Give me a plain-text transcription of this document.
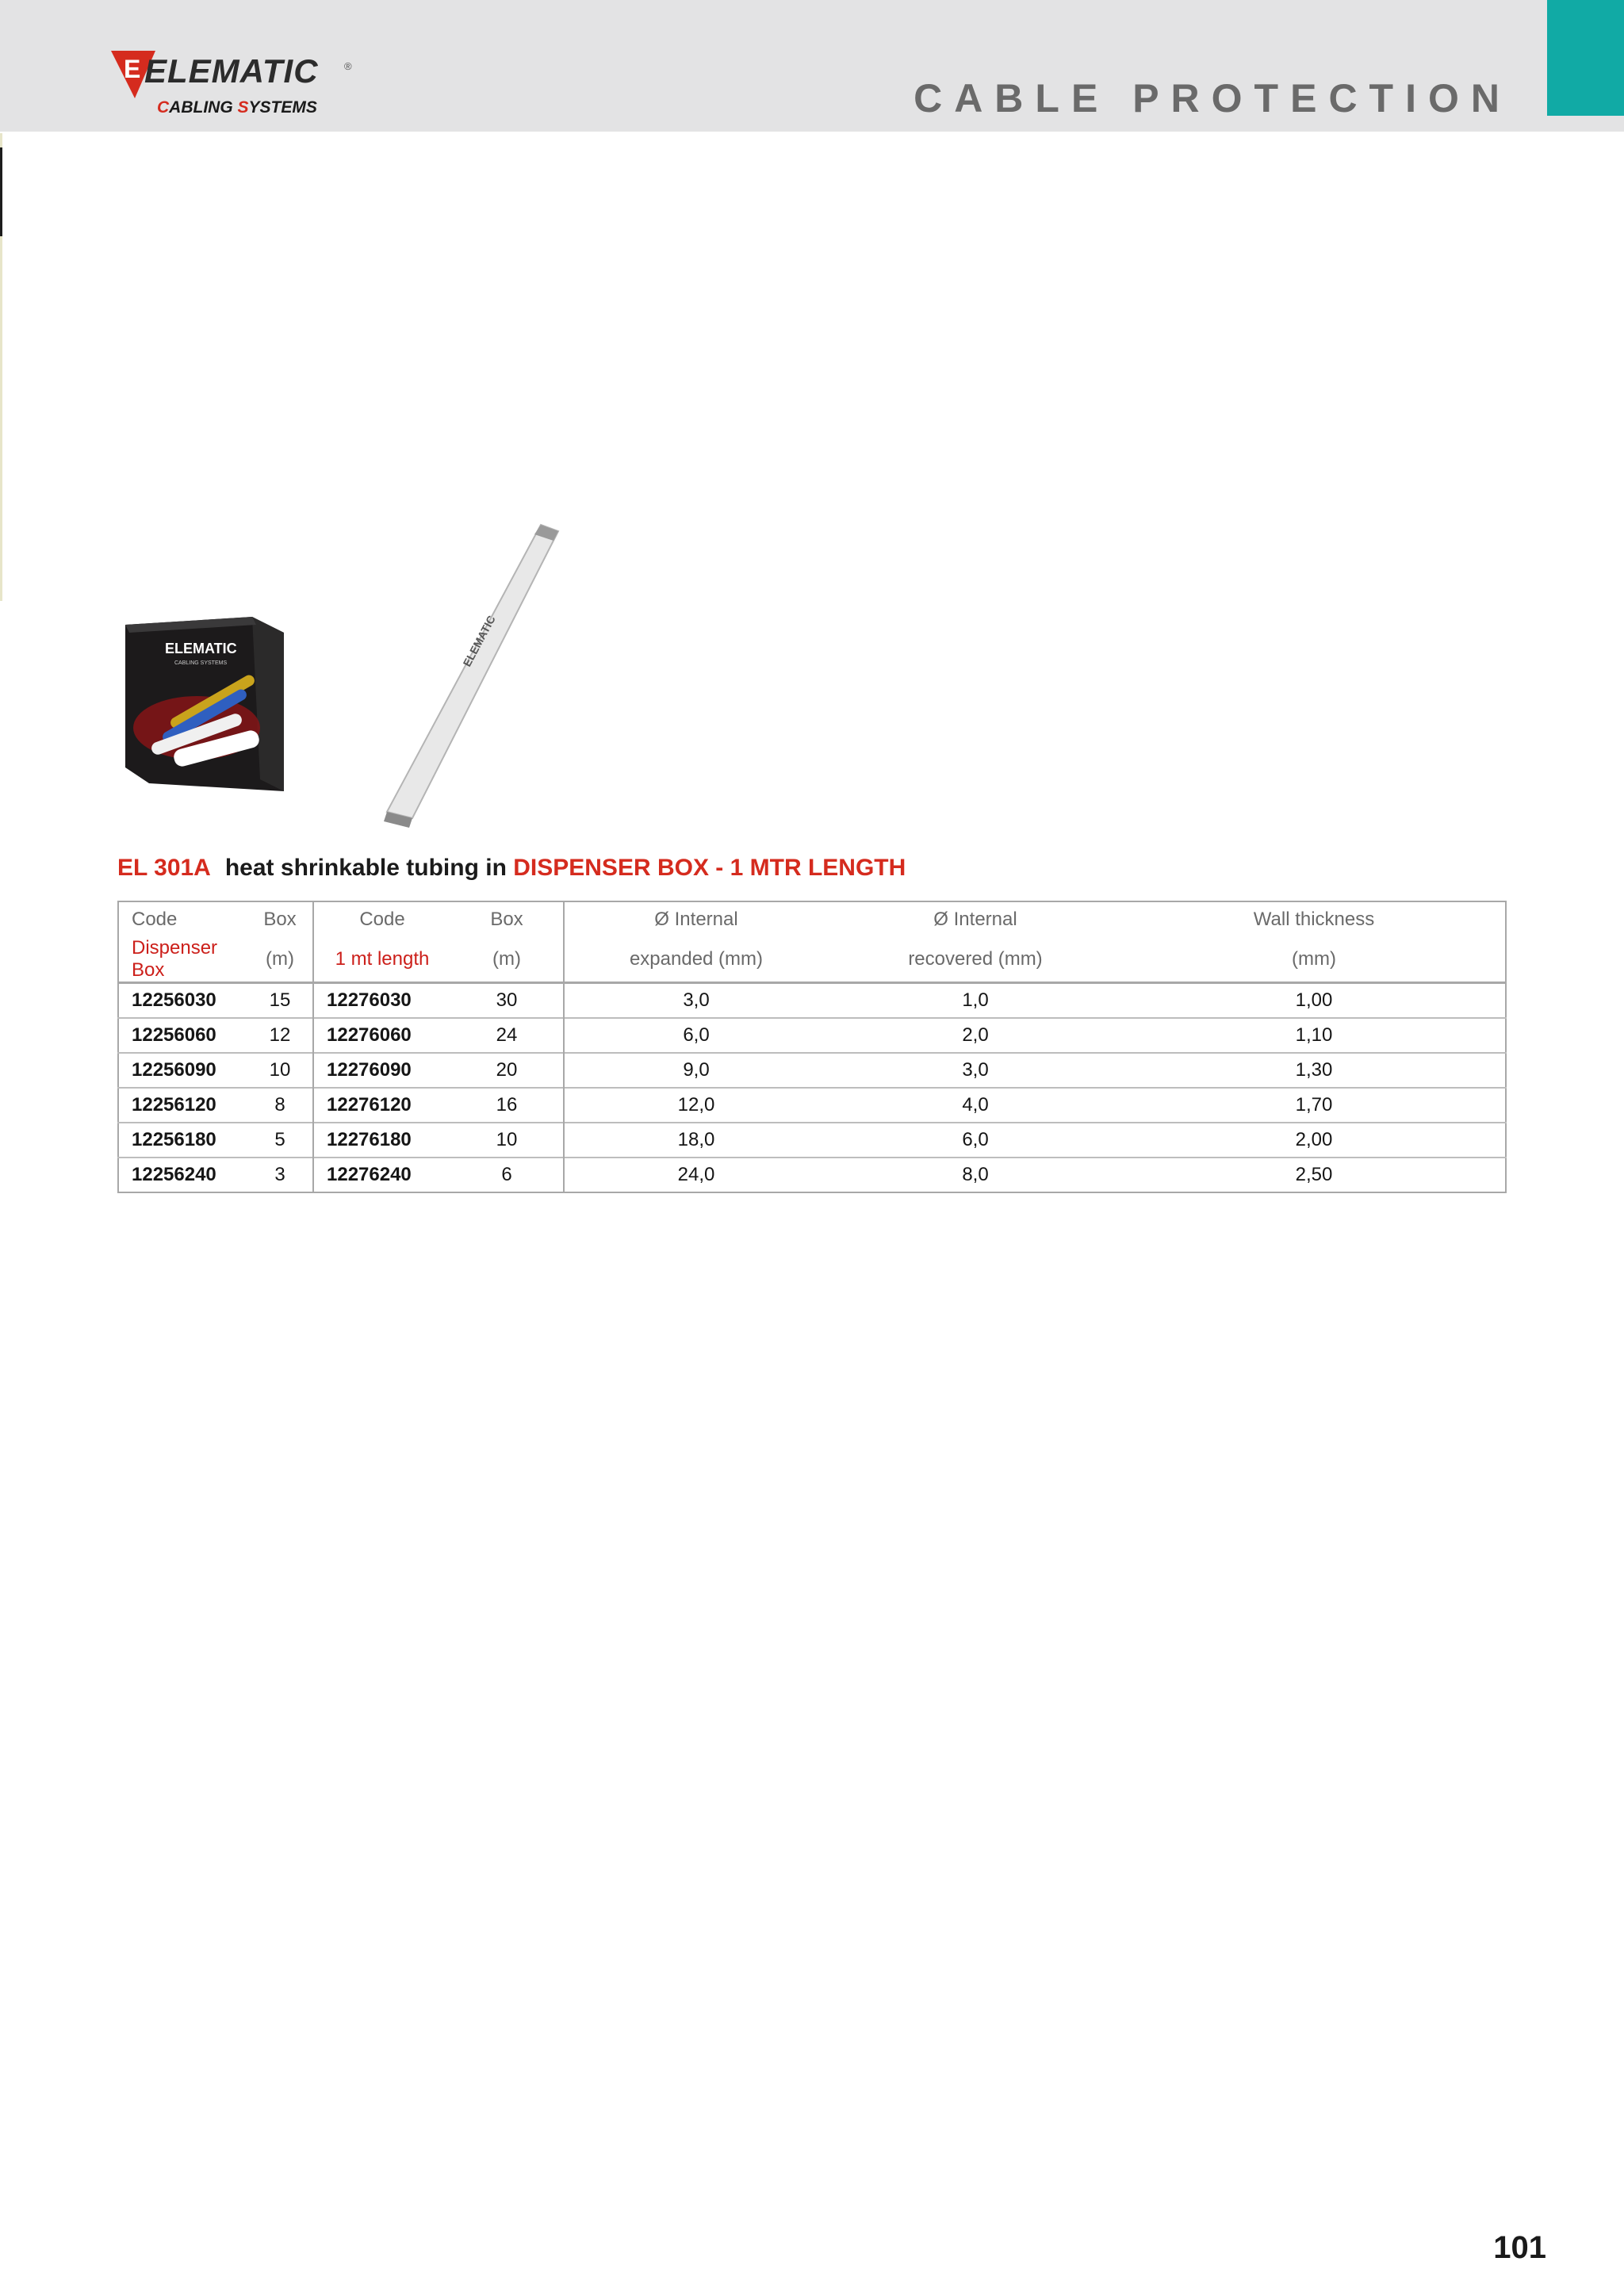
E ELEMATIC ®
CABLING SYSTEMS	CABLE PROTECTION
ELEMATIC
CABLING SYSTEMS	ELEMATIC
EL 301A heat shrinkable tubing in DISPENSER BOX - 1 MTR LENGTH
Code	Box	Code	Box	Ø Internal	Ø Internal	Wall thickness
Dispenser Box	(m)	1 mt length	(m)	expanded (mm)	recovered (mm)	(mm)
12256030	15	12276030	30	3,0	1,0	1,00
12256060	12	12276060	24	6,0	2,0	1,10
12256090	10	12276090	20	9,0	3,0	1,30
12256120	8	12276120	16	12,0	4,0	1,70
12256180	5	12276180	10	18,0	6,0	2,00
12256240	3	12276240	6	24,0	8,0	2,50
101
